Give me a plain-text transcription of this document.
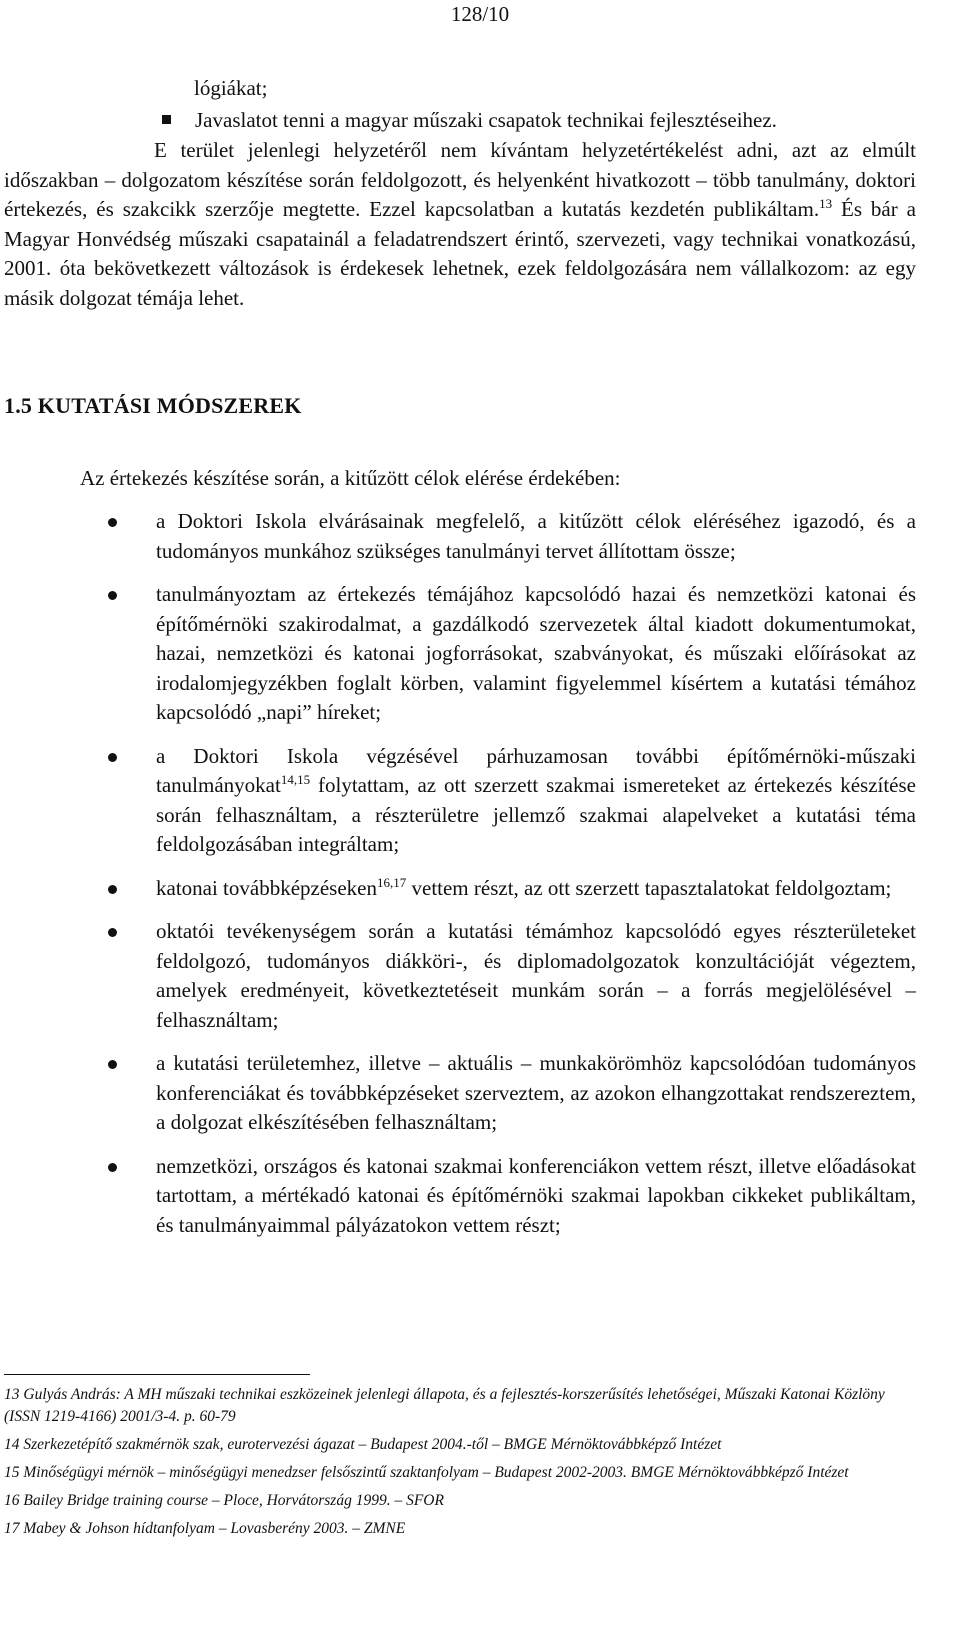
128/10
lógiákat;
Javaslatot tenni a magyar műszaki csapatok technikai fejlesztéseihez.

E terület jelenlegi helyzetéről nem kívántam helyzetértékelést adni, azt az elmúlt időszakban – dolgozatom készítése során feldolgozott, és helyenként hivatkozott – több tanulmány, doktori értekezés, és szakcikk szerzője megtette. Ezzel kapcsolatban a kutatás kezdetén publikáltam.$^{13}$ És bár a Magyar Honvédség műszaki csapatainál a feladatrendszert érintő, szervezeti, vagy technikai vonatkozású, 2001. óta bekövetkezett változások is érdekesek lehetnek, ezek feldolgozására nem vállalkozom: az egy másik dolgozat témája lehet.

1.5 KUTATÁSI MÓDSZEREK
Az értekezés készítése során, a kitűzött célok elérése érdekében:
a Doktori Iskola elvárásainak megfelelő, a kitűzött célok eléréséhez igazodó, és a tudományos munkához szükséges tanulmányi tervet állítottam össze;
tanulmányoztam az értekezés témájához kapcsolódó hazai és nemzetközi katonai és építőmérnöki szakirodalmat, a gazdálkodó szervezetek által kiadott dokumentumokat, hazai, nemzetközi és katonai jogforrásokat, szabványokat, és műszaki előírásokat az irodalomjegyzékben foglalt körben, valamint figyelemmel kísértem a kutatási témához kapcsolódó „napi” híreket;
a Doktori Iskola végzésével párhuzamosan további építőmérnöki-műszaki tanulmányokat$^{14,15}$ folytattam, az ott szerzett szakmai ismereteket az értekezés készítése során felhasználtam, a részterületre jellemző szakmai alapelveket a kutatási téma feldolgozásában integráltam;
katonai továbbképzéseken$^{16,17}$ vettem részt, az ott szerzett tapasztalatokat feldolgoztam;
oktatói tevékenységem során a kutatási témámhoz kapcsolódó egyes részterületeket feldolgozó, tudományos diákköri-, és diplomadolgozatok konzultációját végeztem, amelyek eredményeit, következtetéseit munkám során – a forrás megjelölésével – felhasználtam;
a kutatási területemhez, illetve – aktuális – munkakörömhöz kapcsolódóan tudományos konferenciákat és továbbképzéseket szerveztem, az azokon elhangzottakat rendszereztem, a dolgozat elkészítésében felhasználtam;
nemzetközi, országos és katonai szakmai konferenciákon vettem részt, illetve előadásokat tartottam, a mértékadó katonai és építőmérnöki szakmai lapokban cikkeket publikáltam, és tanulmányaimmal pályázatokon vettem részt;
13 Gulyás András: A MH műszaki technikai eszközeinek jelenlegi állapota, és a fejlesztés-korszerűsítés lehetőségei, Műszaki Katonai Közlöny (ISSN 1219-4166) 2001/3-4. p. 60-79
14 Szerkezetépítő szakmérnök szak, eurotervezési ágazat – Budapest 2004.-től – BMGE Mérnöktovábbképző Intézet
15 Minőségügyi mérnök – minőségügyi menedzser felsőszintű szaktanfolyam – Budapest 2002-2003. BMGE Mérnöktovábbképző Intézet
16 Bailey Bridge training course – Ploce, Horvátország 1999. – SFOR
17 Mabey & Johson hídtanfolyam – Lovasberény 2003. – ZMNE
